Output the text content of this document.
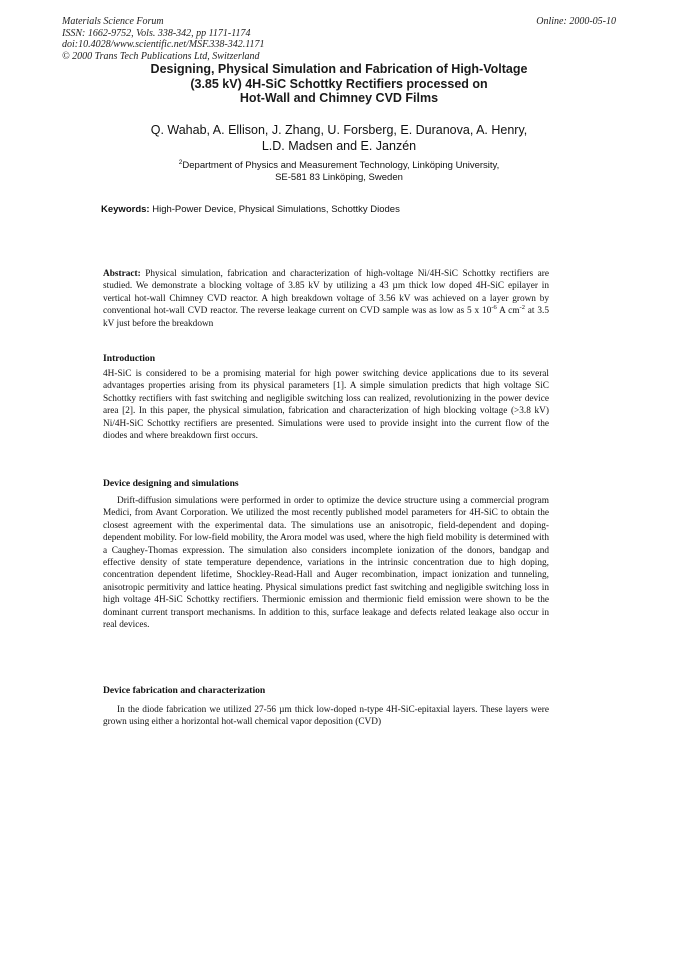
Materials Science Forum
ISSN: 1662-9752, Vols. 338-342, pp 1171-1174
doi:10.4028/www.scientific.net/MSF.338-342.1171
© 2000 Trans Tech Publications Ltd, Switzerland
Online: 2000-05-10
Designing, Physical Simulation and Fabrication of High-Voltage
(3.85 kV) 4H-SiC Schottky Rectifiers processed on
Hot-Wall and Chimney CVD Films
Q. Wahab, A. Ellison, J. Zhang, U. Forsberg, E. Duranova, A. Henry,
L.D. Madsen and E. Janzén
$^2$Department of Physics and Measurement Technology, Linköping University,
SE-581 83 Linköping, Sweden
Keywords: High-Power Device, Physical Simulations, Schottky Diodes
Abstract: Physical simulation, fabrication and characterization of high-voltage Ni/4H-SiC Schottky rectifiers are studied. We demonstrate a blocking voltage of 3.85 kV by utilizing a 43 µm thick low doped 4H-SiC epilayer in vertical hot-wall Chimney CVD reactor. A high breakdown voltage of 3.56 kV was achieved on a layer grown by conventional hot-wall CVD reactor. The reverse leakage current on CVD sample was as low as 5 x $10^{-6}$ A $cm^{-2}$ at 3.5 kV just before the breakdown
Introduction
4H-SiC is considered to be a promising material for high power switching device applications due to its several advantages properties arising from its physical parameters [1]. A simple simulation predicts that high voltage SiC Schottky rectifiers with fast switching and negligible switching loss can realized, revolutionizing in the power device area [2]. In this paper, the physical simulation, fabrication and characterization of high blocking voltage (>3.8 kV) Ni/4H-SiC Schottky rectifiers are presented. Simulations were used to provide insight into the current flow of the diodes and where breakdown first occurs.
Device designing and simulations
Drift-diffusion simulations were performed in order to optimize the device structure using a commercial program Medici, from Avant Corporation. We utilized the most recently published model parameters for 4H-SiC to obtain the closest agreement with the experimental data. The simulations use an anisotropic, field-dependent and doping-dependent mobility. For low-field mobility, the Arora model was used, where the high field mobility is determined with a Caughey-Thomas expression. The simulation also considers incomplete ionization of the donors, bandgap and effective density of state temperature dependence, variations in the intrinsic concentration due to high doping, concentration dependent lifetime, Shockley-Read-Hall and Auger recombination, impact ionization and tunneling, anisotropic permitivity and lattice heating. Physical simulations predict fast switching and negligible switching loss in high voltage 4H-SiC Schottky rectifiers. Thermionic emission and thermionic field emission were shown to be the dominant current transport mechanisms. In addition to this, surface leakage and defects related leakage also occur in real devices.
Device fabrication and characterization
In the diode fabrication we utilized 27-56 µm thick low-doped n-type 4H-SiC-epitaxial layers. These layers were grown using either a horizontal hot-wall chemical vapor deposition (CVD)
